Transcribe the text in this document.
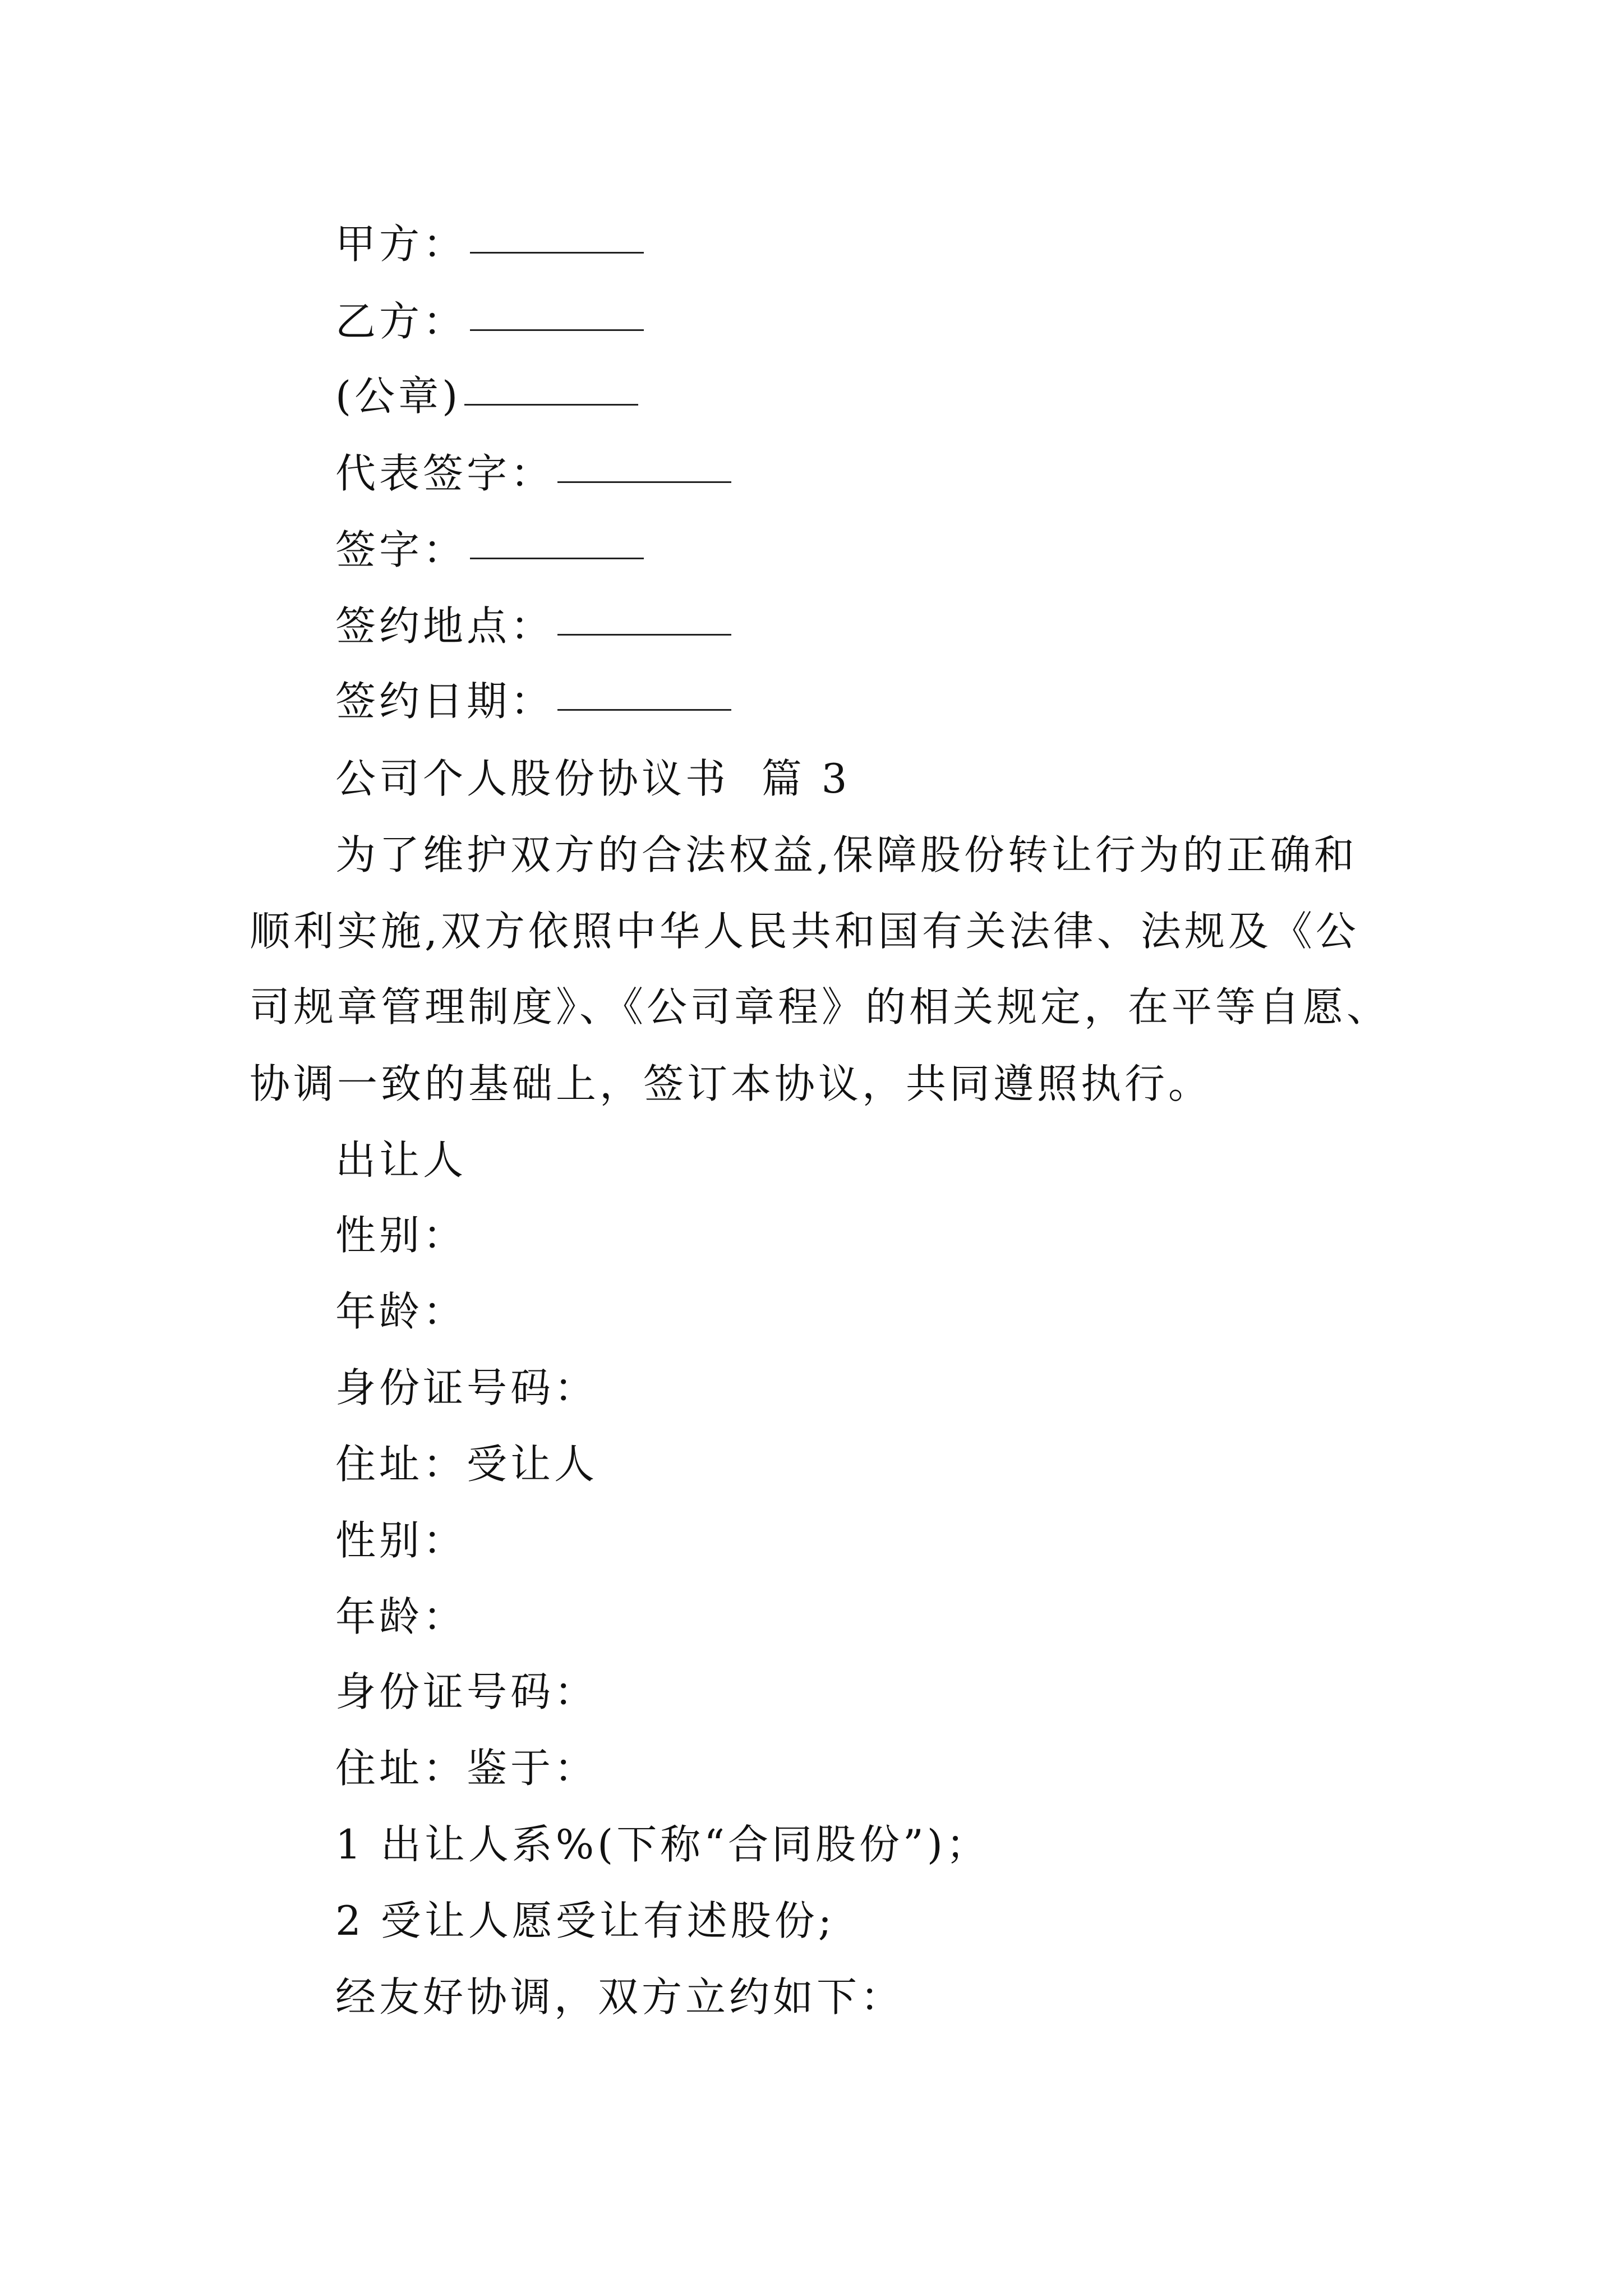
甲方：
乙方：
(公章)
代表签字：
签字：
签约地点：
签约日期：
公司个人股份协议书  篇 3
为了维护双方的合法权益,保障股份转让行为的正确和
顺利实施,双方依照中华人民共和国有关法律、法规及《公
司规章管理制度》、《公司章程》的相关规定，在平等自愿、
协调一致的基础上，签订本协议，共同遵照执行。
出让人
性别：
年龄：
身份证号码：
住址：受让人
性别：
年龄：
身份证号码：
住址：鉴于：
1 出让人系%(下称“合同股份”)；
2 受让人愿受让有述股份;
经友好协调，双方立约如下：
